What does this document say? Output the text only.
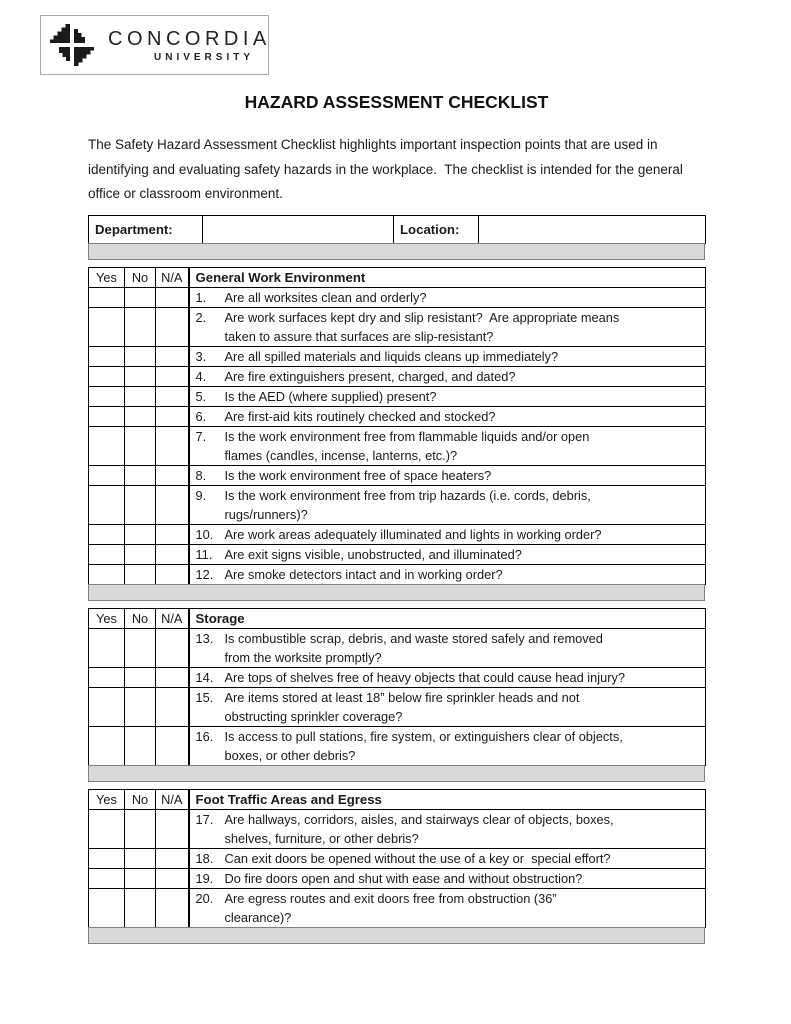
CONCORDIA
UNIVERSITY
HAZARD ASSESSMENT CHECKLIST
The Safety Hazard Assessment Checklist highlights important inspection points that are used in identifying and evaluating safety hazards in the workplace.  The checklist is intended for the general office or classroom environment.
Department:		Location:	
Yes	No	N/A	General Work Environment

			1. Are all worksites clean and orderly?

			2. Are work surfaces kept dry and slip resistant?  Are appropriate means
taken to assure that surfaces are slip-resistant?

			3. Are all spilled materials and liquids cleans up immediately?

			4. Are fire extinguishers present, charged, and dated?

			5. Is the AED (where supplied) present?

			6. Are first-aid kits routinely checked and stocked?

			7. Is the work environment free from flammable liquids and/or open
flames (candles, incense, lanterns, etc.)?

			8. Is the work environment free of space heaters?

			9. Is the work environment free from trip hazards (i.e. cords, debris,
rugs/runners)?

			10. Are work areas adequately illuminated and lights in working order?

			11. Are exit signs visible, unobstructed, and illuminated?

			12. Are smoke detectors intact and in working order?
Yes	No	N/A	Storage

			13. Is combustible scrap, debris, and waste stored safely and removed
from the worksite promptly?

			14. Are tops of shelves free of heavy objects that could cause head injury?

			15. Are items stored at least 18” below fire sprinkler heads and not
obstructing sprinkler coverage?

			16. Is access to pull stations, fire system, or extinguishers clear of objects,
boxes, or other debris?
Yes	No	N/A	Foot Traffic Areas and Egress

			17. Are hallways, corridors, aisles, and stairways clear of objects, boxes,
shelves, furniture, or other debris?

			18. Can exit doors be opened without the use of a key or  special effort?

			19. Do fire doors open and shut with ease and without obstruction?

			20. Are egress routes and exit doors free from obstruction (36”
clearance)?
